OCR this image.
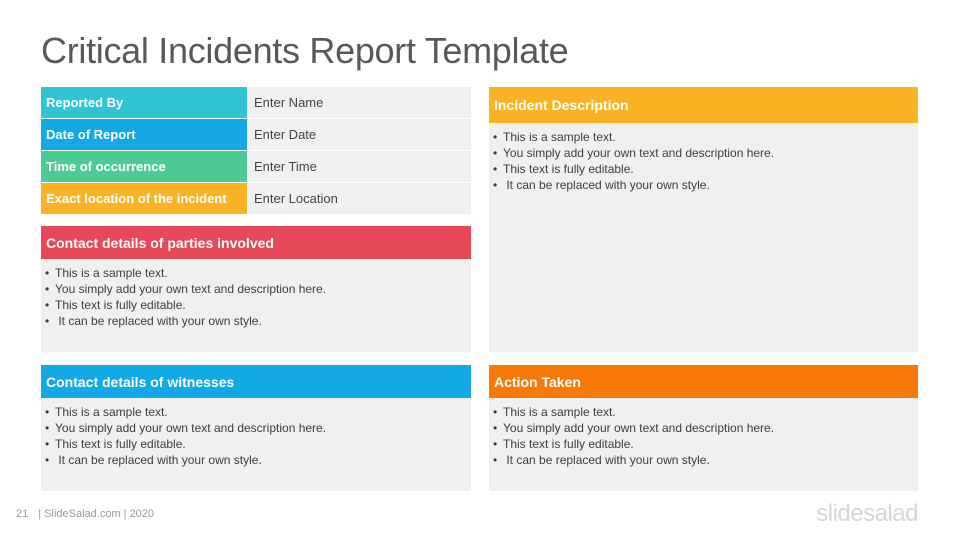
Critical Incidents Report Template
Reported By	Enter Name
Date of Report	Enter Date
Time of occurrence	Enter Time
Exact location of the incident	Enter Location
Contact details of parties involved
• This is a sample text.
• You simply add your own text and description here.
• This text is fully editable.
• It can be replaced with your own style.
Incident Description
• This is a sample text.
• You simply add your own text and description here.
• This text is fully editable.
• It can be replaced with your own style.
Contact details of witnesses
• This is a sample text.
• You simply add your own text and description here.
• This text is fully editable.
• It can be replaced with your own style.
Action Taken
• This is a sample text.
• You simply add your own text and description here.
• This text is fully editable.
• It can be replaced with your own style.
21 | SlideSalad.com | 2020	slidesalad
